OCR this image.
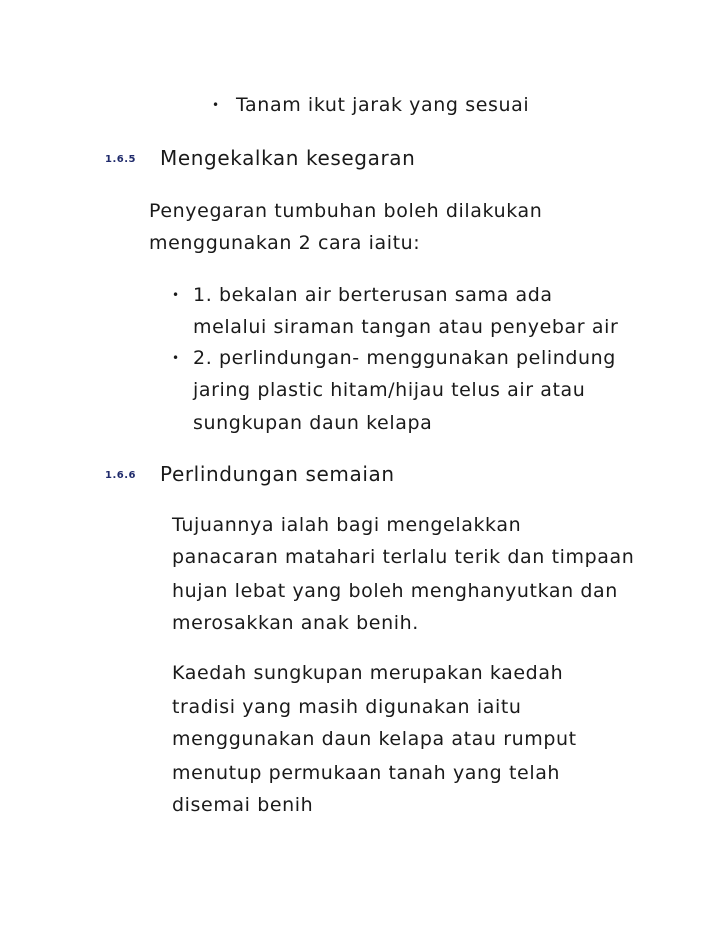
• Tanam ikut jarak yang sesuai
1.6.5 Mengekalkan kesegaran
Penyegaran tumbuhan boleh dilakukan
menggunakan 2 cara iaitu:
• 1. bekalan air berterusan sama ada
melalui siraman tangan atau penyebar air
• 2. perlindungan- menggunakan pelindung
jaring plastic hitam/hijau telus air atau
sungkupan daun kelapa
1.6.6 Perlindungan semaian
Tujuannya ialah bagi mengelakkan
panacaran matahari terlalu terik dan timpaan
hujan lebat yang boleh menghanyutkan dan
merosakkan anak benih.
Kaedah sungkupan merupakan kaedah
tradisi yang masih digunakan iaitu
menggunakan daun kelapa atau rumput
menutup permukaan tanah yang telah
disemai benih
